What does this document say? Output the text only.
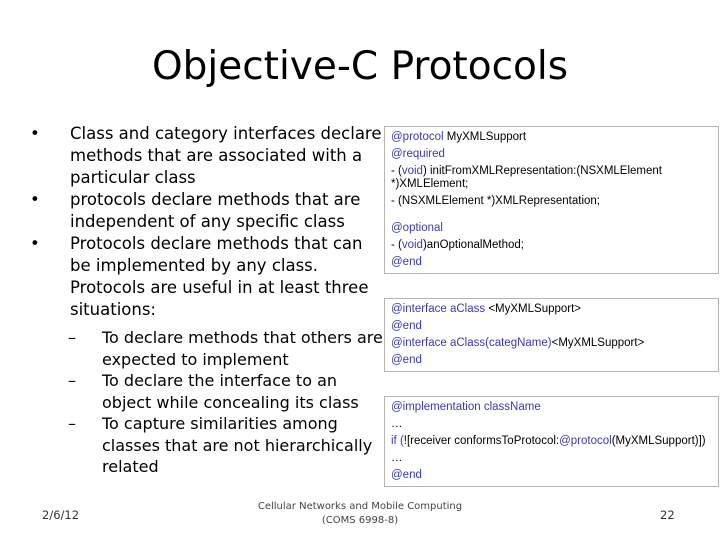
Objective-C Protocols
• Class and category interfaces declare methods that are associated with a particular class
• protocols declare methods that are independent of any specific class
• Protocols declare methods that can be implemented by any class. Protocols are useful in at least three situations:
– To declare methods that others are expected to implement
– To declare the interface to an object while concealing its class
– To capture similarities among classes that are not hierarchically related
@protocol MyXMLSupport
@required
- (void) initFromXMLRepresentation:(NSXMLElement *)XMLElement;
- (NSXMLElement *)XMLRepresentation;
@optional
- (void)anOptionalMethod;
@end
@interface aClass <MyXMLSupport>
@end
@interface aClass(categName)<MyXMLSupport>
@end
@implementation className
…
if (![receiver conformsToProtocol:@protocol(MyXMLSupport)])
…
@end
2/6/12
Cellular Networks and Mobile Computing
(COMS 6998-8)	22
